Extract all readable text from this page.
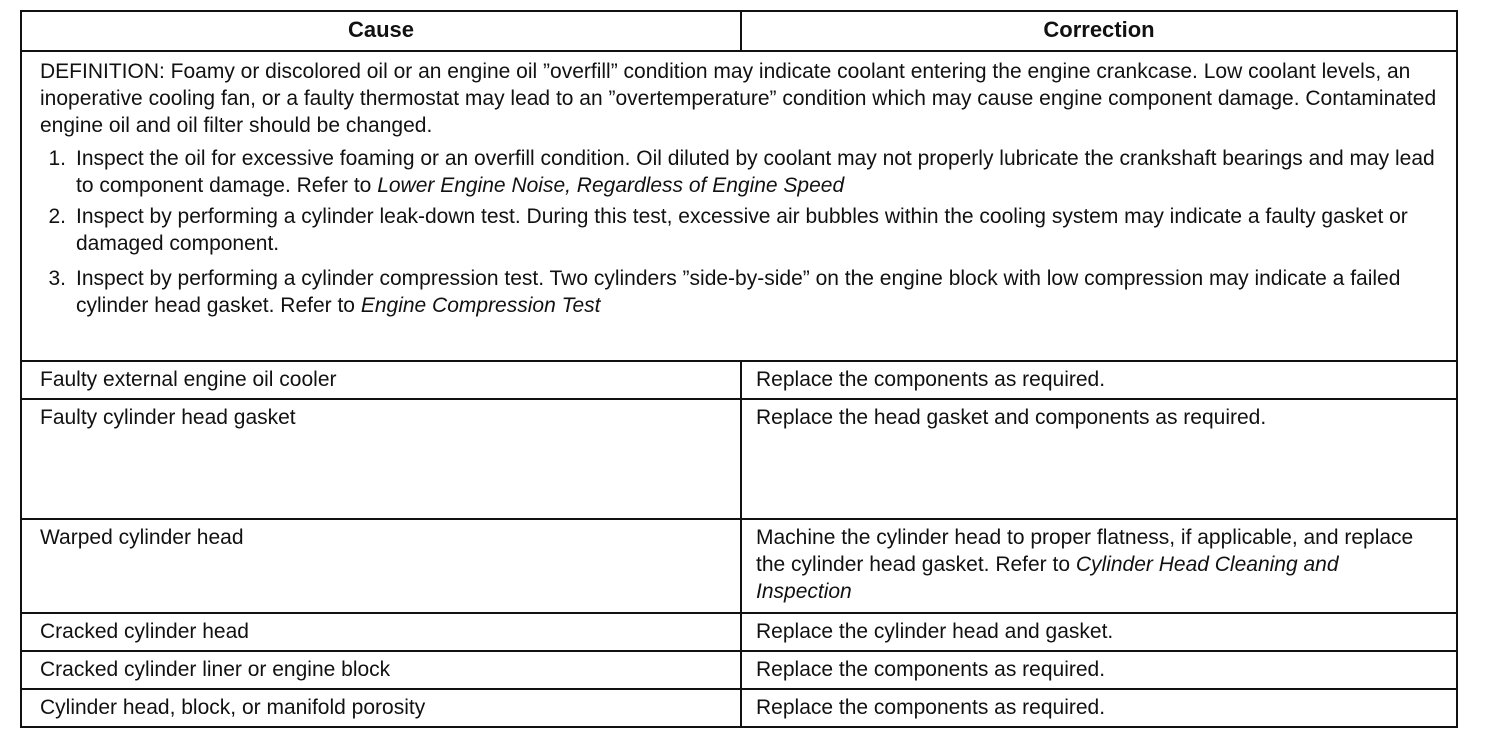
Cause	Correction
DEFINITION: Foamy or discolored oil or an engine oil ”overfill” condition may indicate coolant entering the engine crankcase. Low coolant levels, an inoperative cooling fan, or a faulty thermostat may lead to an ”overtemperature” condition which may cause engine component damage. Contaminated engine oil and oil filter should be changed.
1. Inspect the oil for excessive foaming or an overfill condition. Oil diluted by coolant may not properly lubricate the crankshaft bearings and may lead to component damage. Refer to Lower Engine Noise, Regardless of Engine Speed
2. Inspect by performing a cylinder leak-down test. During this test, excessive air bubbles within the cooling system may indicate a faulty gasket or damaged component.
3. Inspect by performing a cylinder compression test. Two cylinders ”side-by-side” on the engine block with low compression may indicate a failed cylinder head gasket. Refer to Engine Compression Test
Faulty external engine oil cooler	Replace the components as required.
Faulty cylinder head gasket	Replace the head gasket and components as required.
Warped cylinder head	Machine the cylinder head to proper flatness, if applicable, and replace the cylinder head gasket. Refer to Cylinder Head Cleaning and Inspection
Cracked cylinder head	Replace the cylinder head and gasket.
Cracked cylinder liner or engine block	Replace the components as required.
Cylinder head, block, or manifold porosity	Replace the components as required.
